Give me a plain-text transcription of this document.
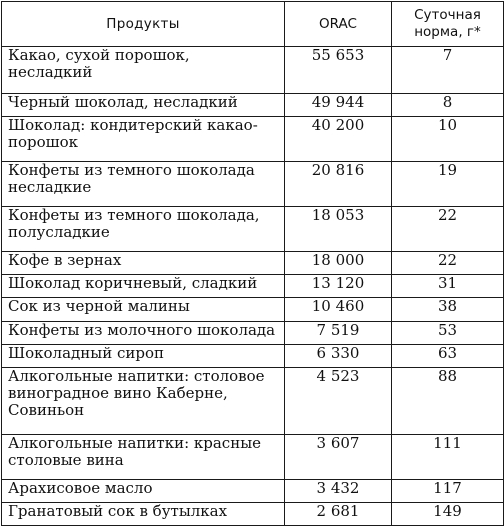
Продукты	ORAC	Суточная норма, г*
Какао, сухой порошок, несладкий	55 653	7
Черный шоколад, несладкий	49 944	8
Шоколад: кондитерский какао-порошок	40 200	10
Конфеты из темного шоколада несладкие	20 816	19
Конфеты из темного шоколада, полусладкие	18 053	22
Кофе в зернах	18 000	22
Шоколад коричневый, сладкий	13 120	31
Сок из черной малины	10 460	38
Конфеты из молочного шоколада	7 519	53
Шоколадный сироп	6 330	63
Алкогольные напитки: столовое виноградное вино Каберне, Совиньон	4 523	88
Алкогольные напитки: красные столовые вина	3 607	111
Арахисовое масло	3 432	117
Гранатовый сок в бутылках	2 681	149
